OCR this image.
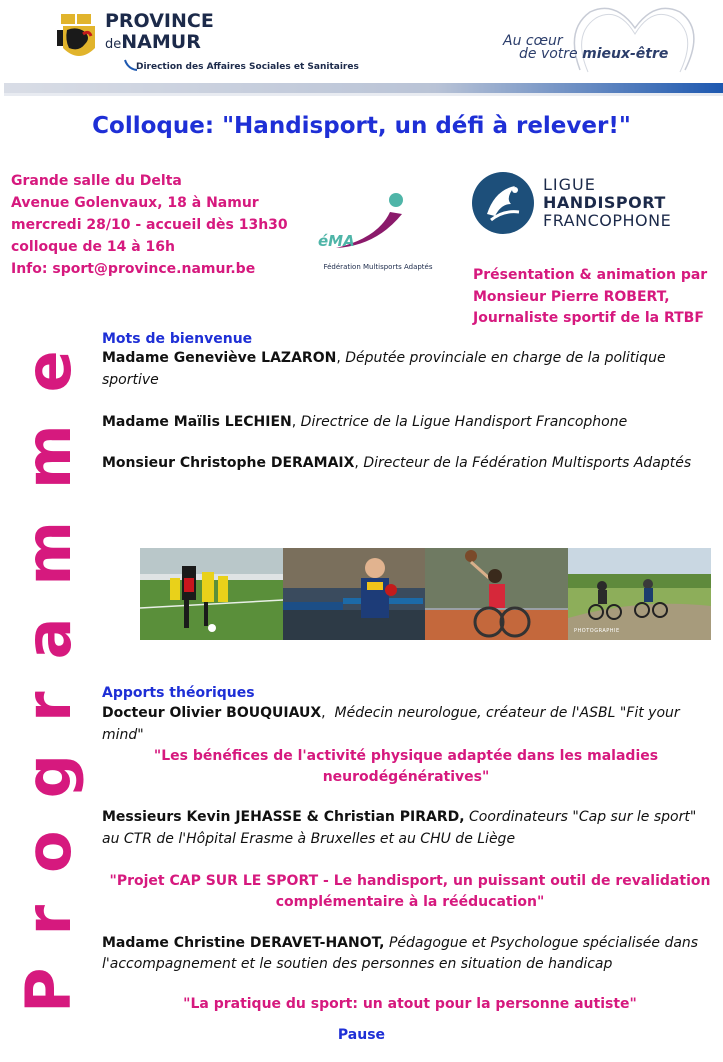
PROVINCE
deNAMUR
Direction des Affaires Sociales et Sanitaires
Au cœur
de votre mieux-être
Colloque: "Handisport, un défi à relever!"
Grande salle du Delta
Avenue Golenvaux, 18 à Namur
mercredi 28/10 - accueil dès 13h30
colloque de 14 à 16h
Info: sport@province.namur.be
éMA
Fédération Multisports Adaptés
LIGUE
HANDISPORT
FRANCOPHONE
Présentation & animation par
Monsieur Pierre ROBERT,
Journaliste sportif de la RTBF
Programme Mots de bienvenue
Madame Geneviève LAZARON, Députée provinciale en charge de la politique
sportive
Madame Maïlis LECHIEN, Directrice de la Ligue Handisport Francophone
Monsieur Christophe DERAMAIX, Directeur de la Fédération Multisports Adaptés
PHOTOGRAPHIE
Apports théoriques
Docteur Olivier BOUQUIAUX,  Médecin neurologue, créateur de l'ASBL "Fit your
mind"
"Les bénéfices de l'activité physique adaptée dans les maladies
neurodégénératives"
Messieurs Kevin JEHASSE & Christian PIRARD, Coordinateurs "Cap sur le sport"
au CTR de l'Hôpital Erasme à Bruxelles et au CHU de Liège
"Projet CAP SUR LE SPORT - Le handisport, un puissant outil de revalidation
complémentaire à la rééducation"
Madame Christine DERAVET-HANOT, Pédagogue et Psychologue spécialisée dans
l'accompagnement et le soutien des personnes en situation de handicap
"La pratique du sport: un atout pour la personne autiste"
Pause
